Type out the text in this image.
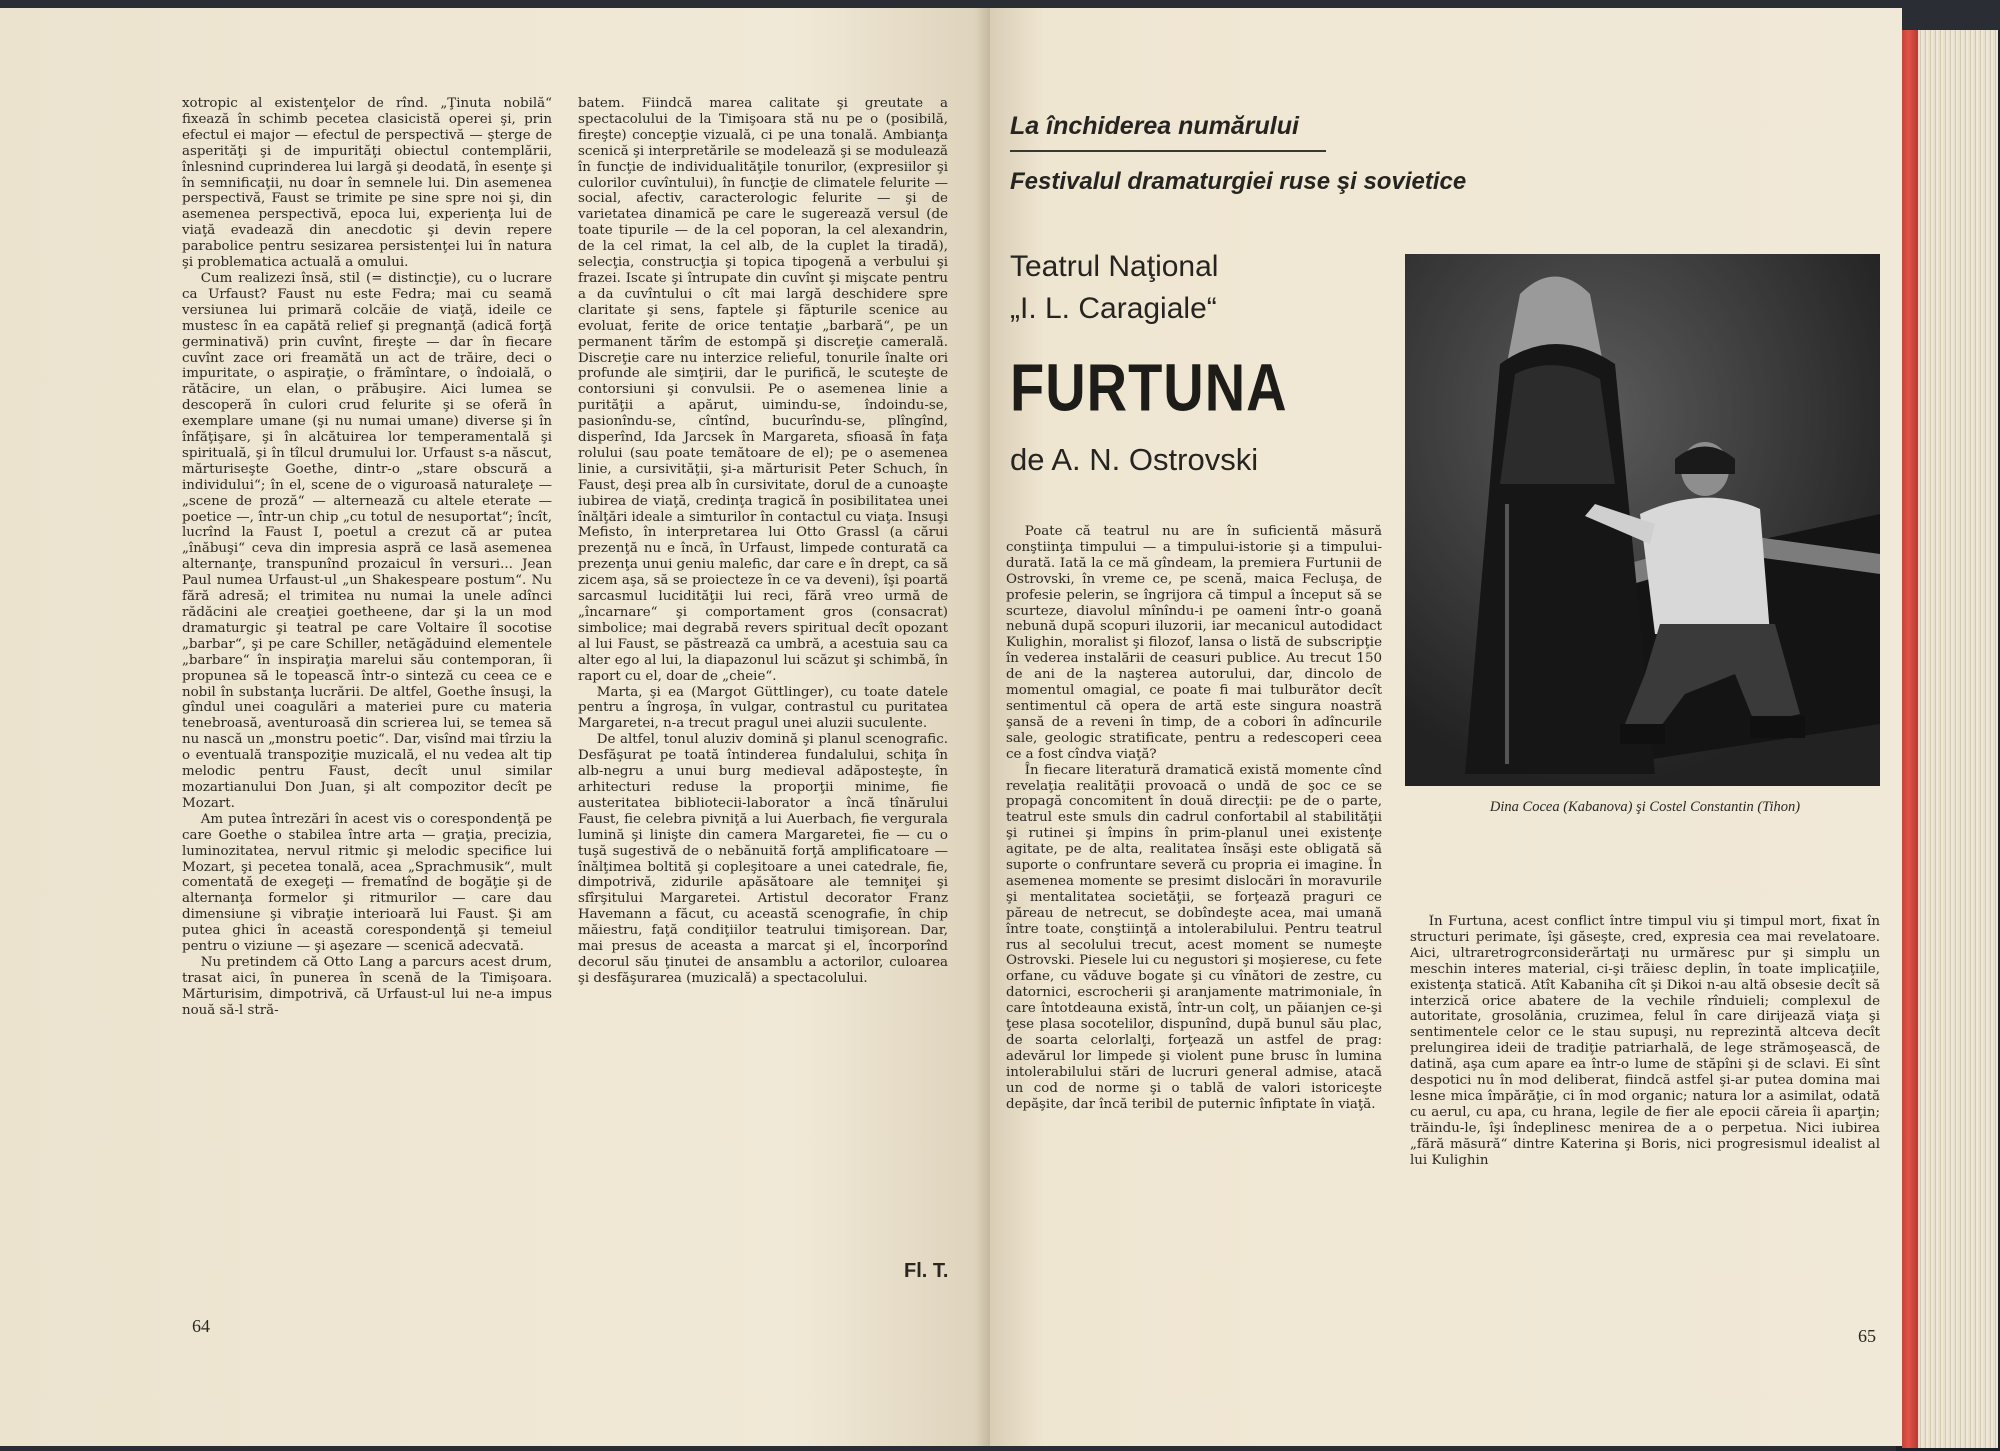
xotropic al existenţelor de rînd. „Ţinuta nobilă“ fixează în schimb pecetea clasicistă operei şi, prin efectul ei major — efectul de perspectivă — şterge de asperităţi şi de impurităţi obiectul contemplării, înlesnind cuprinderea lui largă şi deodată, în esenţe şi în semnificaţii, nu doar în semnele lui. Din asemenea perspectivă, Faust se trimite pe sine spre noi şi, din asemenea perspectivă, epoca lui, experienţa lui de viaţă evadează din anecdotic şi devin repere parabolice pentru sesizarea persistenţei lui în natura şi problematica actuală a omului.

Cum realizezi însă, stil (= distincţie), cu o lucrare ca Urfaust? Faust nu este Fedra; mai cu seamă versiunea lui primară colcăie de viaţă, ideile ce mustesc în ea capătă relief şi pregnanţă (adică forţă germinativă) prin cuvînt, fireşte — dar în fiecare cuvînt zace ori freamătă un act de trăire, deci o impuritate, o aspiraţie, o frămîntare, o îndoială, o rătăcire, un elan, o prăbuşire. Aici lumea se descoperă în culori crud felurite şi se oferă în exemplare umane (şi nu numai umane) diverse şi în înfăţişare, şi în alcătuirea lor temperamentală şi spirituală, şi în tîlcul drumului lor. Urfaust s-a născut, mărturiseşte Goethe, dintr-o „stare obscură a individului“; în el, scene de o viguroasă naturaleţe — „scene de proză“ — alternează cu altele eterate — poetice —, într-un chip „cu totul de nesuportat“; încît, lucrînd la Faust I, poetul a crezut că ar putea „înăbuşi“ ceva din impresia aspră ce lasă asemenea alternanţe, transpunînd prozaicul în versuri... Jean Paul numea Urfaust-ul „un Shakespeare postum“. Nu fără adresă; el trimitea nu numai la unele adînci rădăcini ale creaţiei goetheene, dar şi la un mod dramaturgic şi teatral pe care Voltaire îl socotise „barbar“, şi pe care Schiller, netăgăduind elementele „barbare“ în inspiraţia marelui său contemporan, îi propunea să le topească într-o sinteză cu ceea ce e nobil în substanţa lucrării. De altfel, Goethe însuşi, la gîndul unei coagulări a materiei pure cu materia tenebroasă, aventuroasă din scrierea lui, se temea să nu nască un „monstru poetic“. Dar, visînd mai tîrziu la o eventuală transpoziţie muzicală, el nu vedea alt tip melodic pentru Faust, decît unul similar mozartianului Don Juan, şi alt compozitor decît pe Mozart.

Am putea întrezări în acest vis o corespondenţă pe care Goethe o stabilea între arta — graţia, precizia, luminozitatea, nervul ritmic şi melodic specifice lui Mozart, şi pecetea tonală, acea „Sprachmusik“, mult comentată de exegeţi — frematînd de bogăţie şi de alternanţa formelor şi ritmurilor — care dau dimensiune şi vibraţie interioară lui Faust. Şi am putea ghici în această corespondenţă şi temeiul pentru o viziune — şi aşezare — scenică adecvată.

Nu pretindem că Otto Lang a parcurs acest drum, trasat aici, în punerea în scenă de la Timişoara. Mărturisim, dimpotrivă, că Urfaust-ul lui ne-a impus nouă să-l stră-

batem. Fiindcă marea calitate şi greutate a spectacolului de la Timişoara stă nu pe o (posibilă, fireşte) concepţie vizuală, ci pe una tonală. Ambianţa scenică şi interpretările se modelează şi se modulează în funcţie de individualităţile tonurilor, (expresiilor şi culorilor cuvîntului), în funcţie de climatele felurite — social, afectiv, caracterologic felurite — şi de varietatea dinamică pe care le sugerează versul (de toate tipurile — de la cel poporan, la cel alexandrin, de la cel rimat, la cel alb, de la cuplet la tiradă), selecţia, construcţia şi topica tipogenă a verbului şi frazei. Iscate şi întrupate din cuvînt şi mişcate pentru a da cuvîntului o cît mai largă deschidere spre claritate şi sens, faptele şi făpturile scenice au evoluat, ferite de orice tentaţie „barbară“, pe un permanent tărîm de estompă şi discreţie camerală. Discreţie care nu interzice relieful, tonurile înalte ori profunde ale simţirii, dar le purifică, le scuteşte de contorsiuni şi convulsii. Pe o asemenea linie a purităţii a apărut, uimindu-se, îndoindu-se, pasionîndu-se, cîntînd, bucurîndu-se, plîngînd, disperînd, Ida Jarcsek în Margareta, sfioasă în faţa rolului (sau poate temătoare de el); pe o asemenea linie, a cursivităţii, şi-a mărturisit Peter Schuch, în Faust, deşi prea alb în cursivitate, dorul de a cunoaşte iubirea de viaţă, credinţa tragică în posibilitatea unei înălţări ideale a simturilor în contactul cu viaţa. Insuşi Mefisto, în interpretarea lui Otto Grassl (a cărui prezenţă nu e încă, în Urfaust, limpede conturată ca prezenţa unui geniu malefic, dar care e în drept, ca să zicem aşa, să se proiecteze în ce va deveni), îşi poartă sarcasmul lucidităţii lui reci, fără vreo urmă de „încarnare“ şi comportament gros (consacrat) simbolice; mai degrabă revers spiritual decît opozant al lui Faust, se păstrează ca umbră, a acestuia sau ca alter ego al lui, la diapazonul lui scăzut şi schimbă, în raport cu el, doar de „cheie“.

Marta, şi ea (Margot Güttlinger), cu toate datele pentru a îngroşa, în vulgar, contrastul cu puritatea Margaretei, n-a trecut pragul unei aluzii suculente.

De altfel, tonul aluziv domină şi planul scenografic. Desfăşurat pe toată întinderea fundalului, schiţa în alb-negru a unui burg medieval adăposteşte, în arhitecturi reduse la proporţii minime, fie austeritatea bibliotecii-laborator a încă tînărului Faust, fie celebra pivniţă a lui Auerbach, fie vergurala lumină şi linişte din camera Margaretei, fie — cu o tuşă sugestivă de o nebănuită forţă amplificatoare — înălţimea boltită şi copleşitoare a unei catedrale, fie, dimpotrivă, zidurile apăsătoare ale temniţei şi sfîrşitului Margaretei. Artistul decorator Franz Havemann a făcut, cu această scenografie, în chip măiestru, faţă condiţiilor teatrului timişorean. Dar, mai presus de aceasta a marcat şi el, încorporînd decorul său ţinutei de ansamblu a actorilor, culoarea şi desfăşurarea (muzicală) a spectacolului.

Fl. T.
64
La închiderea numărului
Festivalul dramaturgiei ruse şi sovietice
Teatrul Naţional
„I. L. Caragiale“
FURTUNA
de A. N. Ostrovski

Poate că teatrul nu are în suficientă măsură conştiinţa timpului — a timpului-istorie şi a timpului-durată. Iată la ce mă gîndeam, la premiera Furtunii de Ostrovski, în vreme ce, pe scenă, maica Fecluşa, de profesie pelerin, se îngrijora că timpul a început să se scurteze, diavolul mînîndu-i pe oameni într-o goană nebună după scopuri iluzorii, iar mecanicul autodidact Kulighin, moralist şi filozof, lansa o listă de subscripţie în vederea instalării de ceasuri publice. Au trecut 150 de ani de la naşterea autorului, dar, dincolo de momentul omagial, ce poate fi mai tulburător decît sentimentul că opera de artă este singura noastră şansă de a reveni în timp, de a cobori în adîncurile sale, geologic stratificate, pentru a redescoperi ceea ce a fost cîndva viaţă?

În fiecare literatură dramatică există momente cînd revelaţia realităţii provoacă o undă de şoc ce se propagă concomitent în două direcţii: pe de o parte, teatrul este smuls din cadrul confortabil al stabilităţii şi rutinei şi împins în prim-planul unei existenţe agitate, pe de alta, realitatea însăşi este obligată să suporte o confruntare severă cu propria ei imagine. În asemenea momente se presimt dislocări în moravurile şi mentalitatea societăţii, se forţează praguri ce păreau de netrecut, se dobîndeşte acea, mai umană între toate, conştiinţă a intolerabilului. Pentru teatrul rus al secolului trecut, acest moment se numeşte Ostrovski. Piesele lui cu negustori şi moşierese, cu fete orfane, cu văduve bogate şi cu vînători de zestre, cu datornici, escrocherii şi aranjamente matrimoniale, în care întotdeauna există, într-un colţ, un păianjen ce-şi ţese plasa socotelilor, dispunînd, după bunul său plac, de soarta celorlalţi, forţează un astfel de prag: adevărul lor limpede şi violent pune brusc în lumina intolerabilului stări de lucruri general admise, atacă un cod de norme şi o tablă de valori istoriceşte depăşite, dar încă teribil de puternic înfiptate în viaţă.

În Furtuna, acest conflict între timpul viu şi timpul mort, fixat în structuri perimate, îşi găseşte, cred, expresia cea mai revelatoare. Aici, ultraretrogrconsiderărtaţi nu urmăresc pur şi simplu un meschin interes material, ci-şi trăiesc deplin, în toate implicaţiile, existenţa statică. Atît Kabaniha cît şi Dikoi n-au altă obsesie decît să interzică orice abatere de la vechile rînduieli; complexul de autoritate, grosolănia, cruzimea, felul în care dirijează viaţa şi sentimentele celor ce le stau supuşi, nu reprezintă altceva decît prelungirea ideii de tradiţie patriarhală, de lege strămoşească, de datină, aşa cum apare ea într-o lume de stăpîni şi de sclavi. Ei sînt despotici nu în mod deliberat, fiindcă astfel şi-ar putea domina mai lesne mica împărăţie, ci în mod organic; natura lor a asimilat, odată cu aerul, cu apa, cu hrana, legile de fier ale epocii căreia îi aparţin; trăindu-le, îşi îndeplinesc menirea de a o perpetua. Nici iubirea „fără măsură“ dintre Katerina şi Boris, nici progresismul idealist al lui Kulighin

65
Dina Cocea (Kabanova) şi Costel Constantin (Tihon)
